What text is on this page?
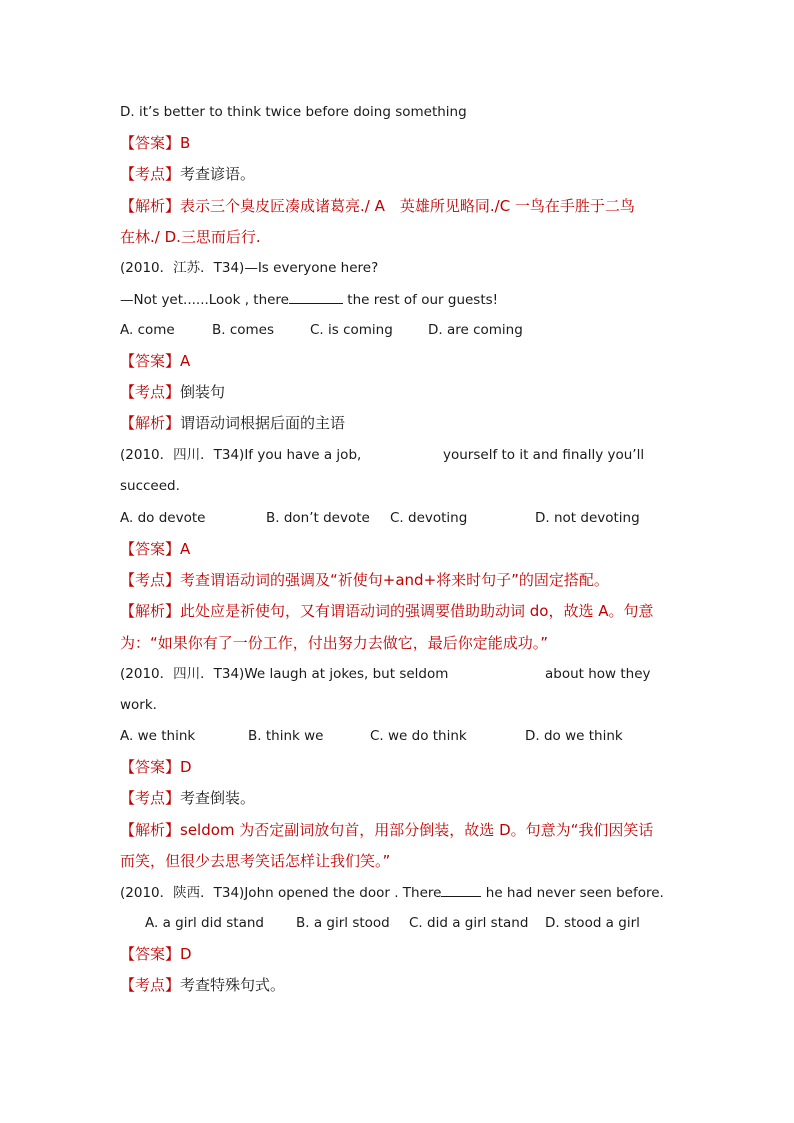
D. it’s better to think twice before doing something
【答案】B
【考点】考查谚语。
【解析】表示三个臭皮匠凑成诸葛亮./ A　英雄所见略同./C 一鸟在手胜于二鸟
在林./ D.三思而后行.
(2010．江苏．T34)—Is everyone here?
—Not yet......Look , there	the rest of our guests!
A. come	B. comes	C. is coming	D. are coming
【答案】A
【考点】倒装句
【解析】谓语动词根据后面的主语
(2010．四川．T34)If you have a job,	yourself to it and finally you’ll
succeed.
A. do devote	B. don’t devote C. devoting	D. not devoting
【答案】A
【考点】考查谓语动词的强调及“祈使句+and+将来时句子”的固定搭配。
【解析】此处应是祈使句，又有谓语动词的强调要借助助动词 do，故选 A。句意
为：“如果你有了一份工作，付出努力去做它，最后你定能成功。”
(2010．四川．T34)We laugh at jokes, but seldom	about how they
work.
A. we think	B. think we	C. we do think	D. do we think
【答案】D
【考点】考查倒装。
【解析】seldom 为否定副词放句首，用部分倒装，故选 D。句意为“我们因笑话
而笑，但很少去思考笑话怎样让我们笑。”
(2010．陕西．T34)John opened the door . There	he had never seen before.
A. a girl did stand B. a girl stood C. did a girl stand D. stood a girl
【答案】D
【考点】考查特殊句式。
